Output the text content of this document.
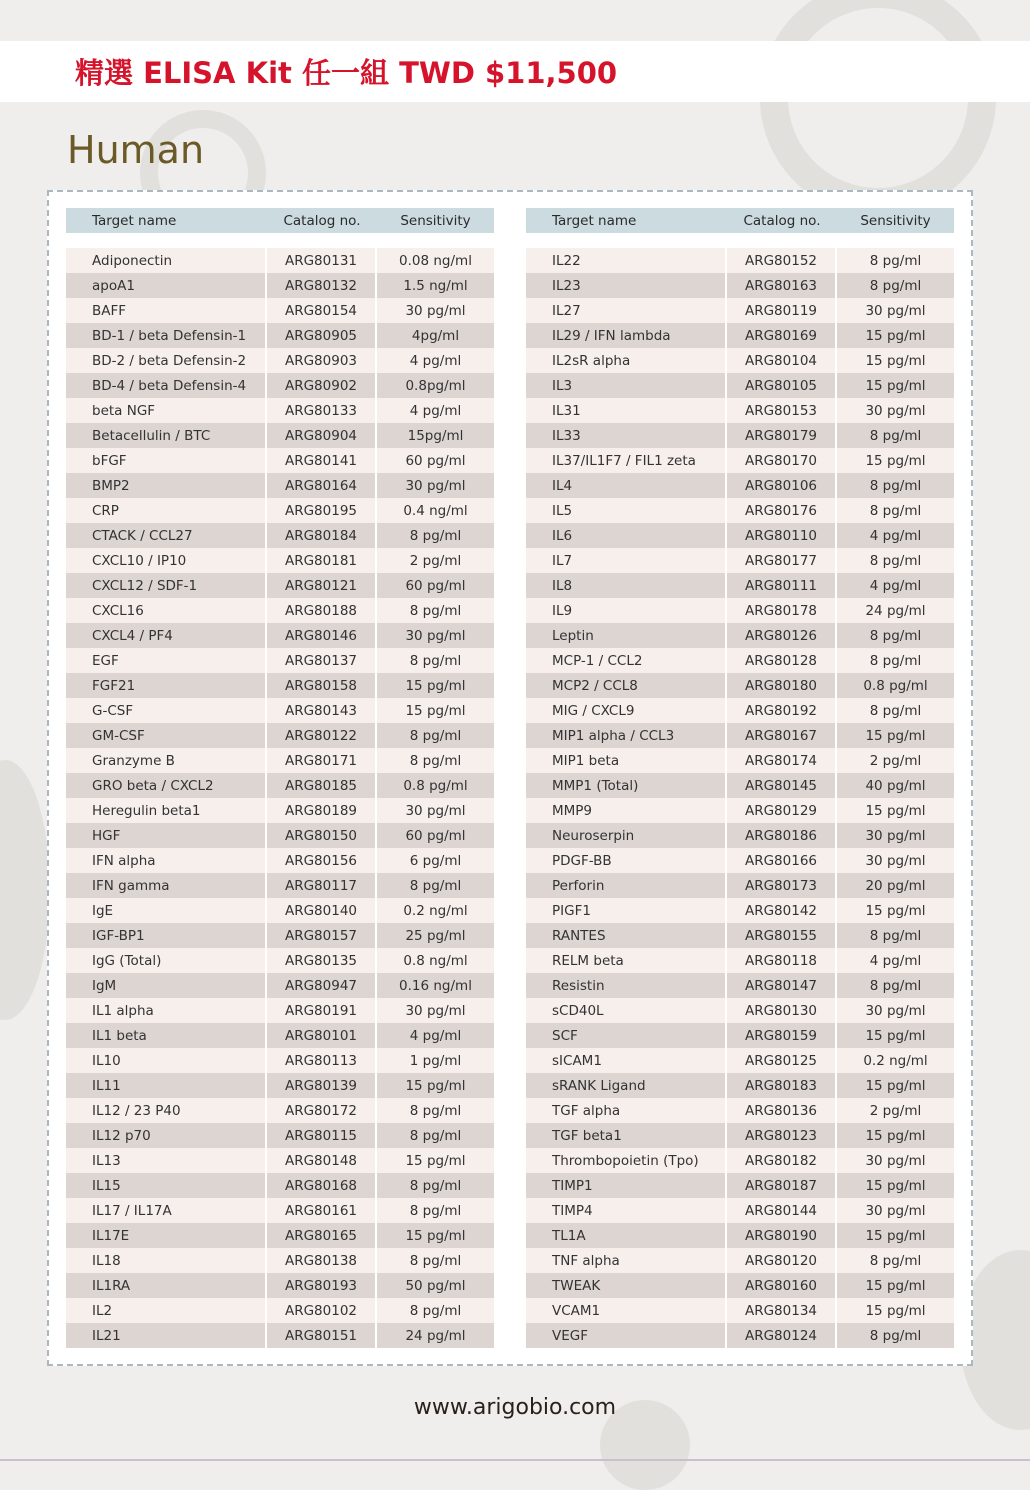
精選 ELISA Kit 任一組 TWD $11,500
Human
Target name	Catalog no.	Sensitivity
Adiponectin	ARG80131	0.08 ng/ml
apoA1	ARG80132	1.5 ng/ml
BAFF	ARG80154	30 pg/ml
BD-1 / beta Defensin-1	ARG80905	4pg/ml
BD-2 / beta Defensin-2	ARG80903	4 pg/ml
BD-4 / beta Defensin-4	ARG80902	0.8pg/ml
beta NGF	ARG80133	4 pg/ml
Betacellulin / BTC	ARG80904	15pg/ml
bFGF	ARG80141	60 pg/ml
BMP2	ARG80164	30 pg/ml
CRP	ARG80195	0.4 ng/ml
CTACK / CCL27	ARG80184	8 pg/ml
CXCL10 / IP10	ARG80181	2 pg/ml
CXCL12 / SDF-1	ARG80121	60 pg/ml
CXCL16	ARG80188	8 pg/ml
CXCL4 / PF4	ARG80146	30 pg/ml
EGF	ARG80137	8 pg/ml
FGF21	ARG80158	15 pg/ml
G-CSF	ARG80143	15 pg/ml
GM-CSF	ARG80122	8 pg/ml
Granzyme B	ARG80171	8 pg/ml
GRO beta / CXCL2	ARG80185	0.8 pg/ml
Heregulin beta1	ARG80189	30 pg/ml
HGF	ARG80150	60 pg/ml
IFN alpha	ARG80156	6 pg/ml
IFN gamma	ARG80117	8 pg/ml
IgE	ARG80140	0.2 ng/ml
IGF-BP1	ARG80157	25 pg/ml
IgG (Total)	ARG80135	0.8 ng/ml
IgM	ARG80947	0.16 ng/ml
IL1 alpha	ARG80191	30 pg/ml
IL1 beta	ARG80101	4 pg/ml
IL10	ARG80113	1 pg/ml
IL11	ARG80139	15 pg/ml
IL12 / 23 P40	ARG80172	8 pg/ml
IL12 p70	ARG80115	8 pg/ml
IL13	ARG80148	15 pg/ml
IL15	ARG80168	8 pg/ml
IL17 / IL17A	ARG80161	8 pg/ml
IL17E	ARG80165	15 pg/ml
IL18	ARG80138	8 pg/ml
IL1RA	ARG80193	50 pg/ml
IL2	ARG80102	8 pg/ml
IL21	ARG80151	24 pg/ml
Target name	Catalog no.	Sensitivity
IL22	ARG80152	8 pg/ml
IL23	ARG80163	8 pg/ml
IL27	ARG80119	30 pg/ml
IL29 / IFN lambda	ARG80169	15 pg/ml
IL2sR alpha	ARG80104	15 pg/ml
IL3	ARG80105	15 pg/ml
IL31	ARG80153	30 pg/ml
IL33	ARG80179	8 pg/ml
IL37/IL1F7 / FIL1 zeta	ARG80170	15 pg/ml
IL4	ARG80106	8 pg/ml
IL5	ARG80176	8 pg/ml
IL6	ARG80110	4 pg/ml
IL7	ARG80177	8 pg/ml
IL8	ARG80111	4 pg/ml
IL9	ARG80178	24 pg/ml
Leptin	ARG80126	8 pg/ml
MCP-1 / CCL2	ARG80128	8 pg/ml
MCP2 / CCL8	ARG80180	0.8 pg/ml
MIG / CXCL9	ARG80192	8 pg/ml
MIP1 alpha / CCL3	ARG80167	15 pg/ml
MIP1 beta	ARG80174	2 pg/ml
MMP1 (Total)	ARG80145	40 pg/ml
MMP9	ARG80129	15 pg/ml
Neuroserpin	ARG80186	30 pg/ml
PDGF-BB	ARG80166	30 pg/ml
Perforin	ARG80173	20 pg/ml
PIGF1	ARG80142	15 pg/ml
RANTES	ARG80155	8 pg/ml
RELM beta	ARG80118	4 pg/ml
Resistin	ARG80147	8 pg/ml
sCD40L	ARG80130	30 pg/ml
SCF	ARG80159	15 pg/ml
sICAM1	ARG80125	0.2 ng/ml
sRANK Ligand	ARG80183	15 pg/ml
TGF alpha	ARG80136	2 pg/ml
TGF beta1	ARG80123	15 pg/ml
Thrombopoietin (Tpo)	ARG80182	30 pg/ml
TIMP1	ARG80187	15 pg/ml
TIMP4	ARG80144	30 pg/ml
TL1A	ARG80190	15 pg/ml
TNF alpha	ARG80120	8 pg/ml
TWEAK	ARG80160	15 pg/ml
VCAM1	ARG80134	15 pg/ml
VEGF	ARG80124	8 pg/ml
www.arigobio.com
